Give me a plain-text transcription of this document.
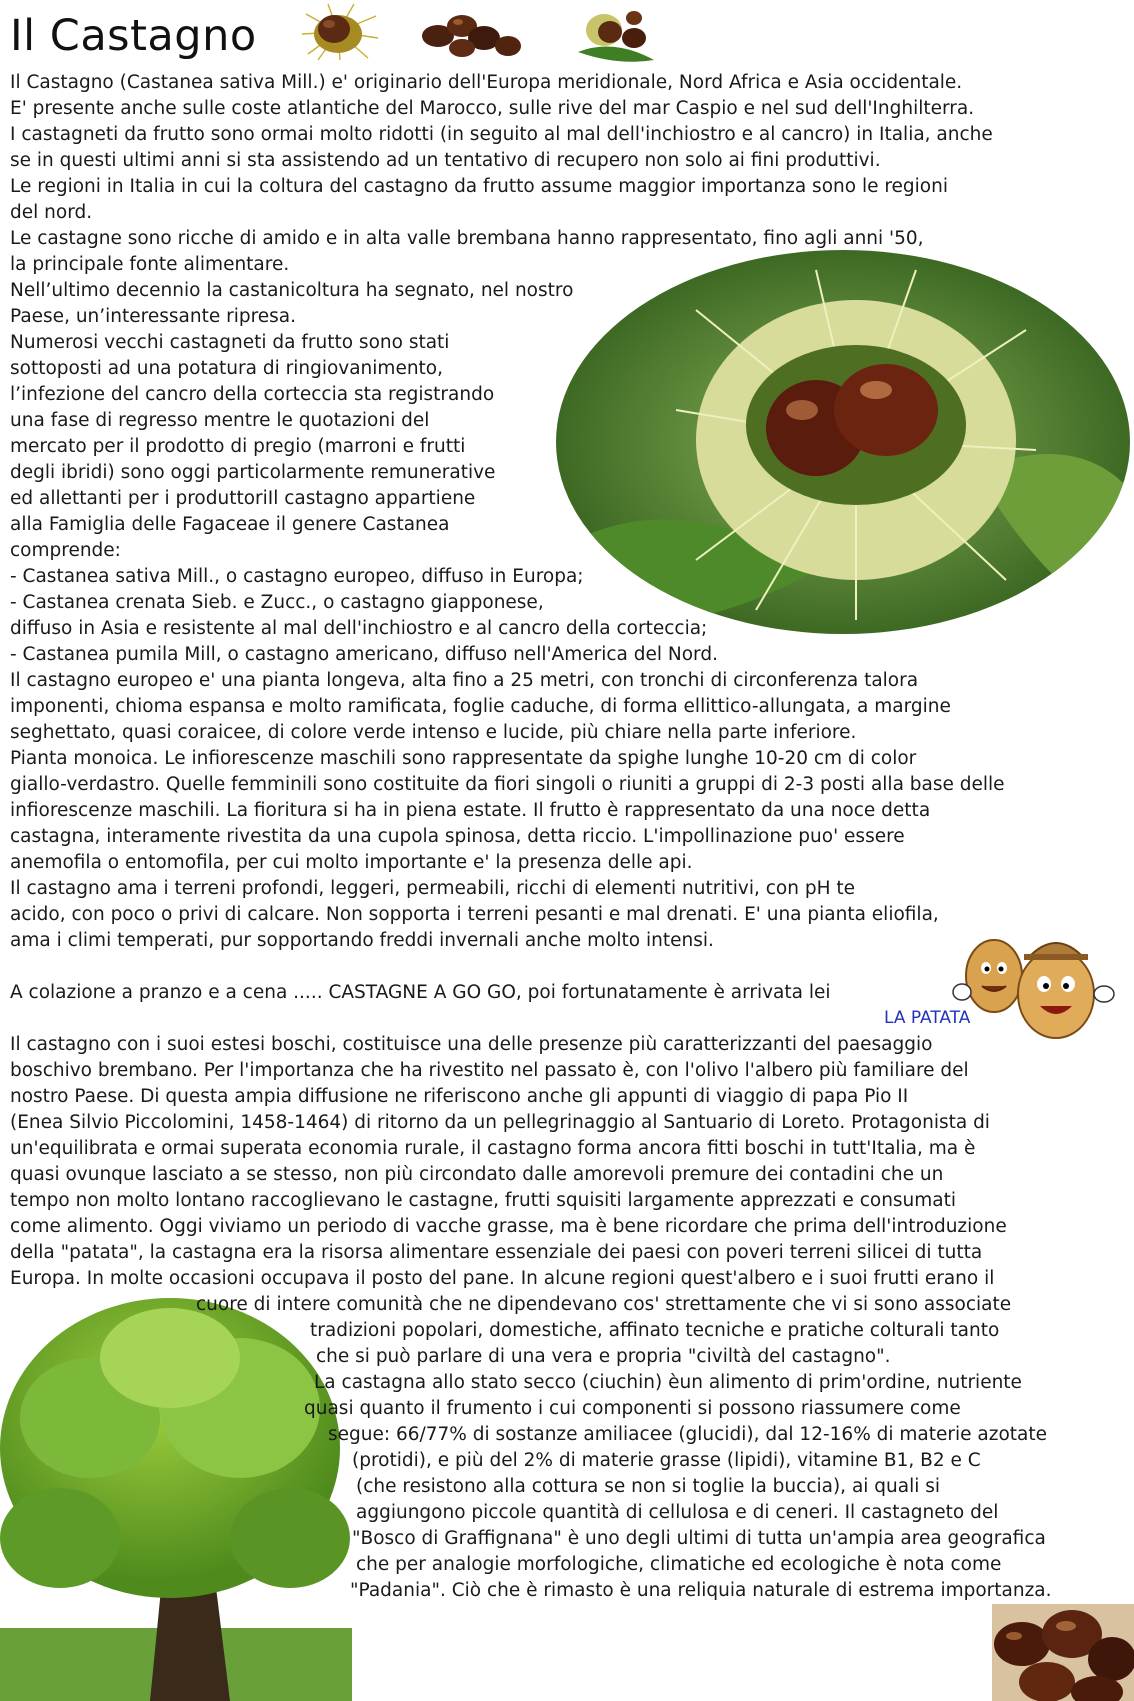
Il Castagno

Il Castagno (Castanea sativa Mill.) e' originario dell'Europa meridionale, Nord Africa e Asia occidentale.

E' presente anche sulle coste atlantiche del Marocco, sulle rive del mar Caspio e nel sud dell'Inghilterra.

I castagneti da frutto sono ormai molto ridotti (in seguito al mal dell'inchiostro e al cancro) in Italia, anche

se in questi ultimi anni si sta assistendo ad un tentativo di recupero non solo ai fini produttivi.

Le regioni in Italia in cui la coltura del castagno da frutto assume maggior importanza sono le regioni

del nord.

Le castagne sono ricche di amido e in alta valle brembana hanno rappresentato, fino agli anni '50,

la principale fonte alimentare.

Nell’ultimo decennio la castanicoltura ha segnato, nel nostro

Paese, un’interessante ripresa.

Numerosi vecchi castagneti da frutto sono stati

sottoposti ad una potatura di ringiovanimento,

l’infezione del cancro della corteccia sta registrando

una fase di regresso mentre le quotazioni del

mercato per il prodotto di pregio (marroni e frutti

degli ibridi) sono oggi particolarmente remunerative

ed allettanti per i produttoriIl castagno appartiene

alla Famiglia delle Fagaceae il genere Castanea

comprende:

- Castanea sativa Mill., o castagno europeo, diffuso in Europa;

- Castanea crenata Sieb. e Zucc., o castagno giapponese,

diffuso in Asia e resistente al mal dell'inchiostro e al cancro della corteccia;

- Castanea pumila Mill, o castagno americano, diffuso nell'America del Nord.

Il castagno europeo e' una pianta longeva, alta fino a 25 metri, con tronchi di circonferenza talora

imponenti, chioma espansa e molto ramificata, foglie caduche, di forma ellittico-allungata, a margine

seghettato, quasi coraicee, di colore verde intenso e lucide, più chiare nella parte inferiore.

Pianta monoica. Le infiorescenze maschili sono rappresentate da spighe lunghe 10-20 cm di color

giallo-verdastro. Quelle femminili sono costituite da fiori singoli o riuniti a gruppi di 2-3 posti alla base delle

infiorescenze maschili. La fioritura si ha in piena estate. Il frutto è rappresentato da una noce detta

castagna, interamente rivestita da una cupola spinosa, detta riccio. L'impollinazione puo' essere

anemofila o entomofila, per cui molto importante e' la presenza delle api.

Il castagno ama i terreni profondi, leggeri, permeabili, ricchi di elementi nutritivi, con pH te

acido, con poco o privi di calcare. Non sopporta i terreni pesanti e mal drenati. E' una pianta eliofila,

ama i climi temperati, pur sopportando freddi invernali anche molto intensi.

A colazione a pranzo e a cena ..... CASTAGNE A GO GO, poi fortunatamente è arrivata lei

LA PATATA

Il castagno con i suoi estesi boschi, costituisce una delle presenze più caratterizzanti del paesaggio

boschivo brembano. Per l'importanza che ha rivestito nel passato è, con l'olivo l'albero più familiare del

nostro Paese. Di questa ampia diffusione ne riferiscono anche gli appunti di viaggio di papa Pio II

(Enea Silvio Piccolomini, 1458-1464) di ritorno da un pellegrinaggio al Santuario di Loreto. Protagonista di

un'equilibrata e ormai superata economia rurale, il castagno forma ancora fitti boschi in tutt'Italia, ma è

quasi ovunque lasciato a se stesso, non più circondato dalle amorevoli premure dei contadini che un

tempo non molto lontano raccoglievano le castagne, frutti squisiti largamente apprezzati e consumati

come alimento. Oggi viviamo un periodo di vacche grasse, ma è bene ricordare che prima dell'introduzione

della "patata", la castagna era la risorsa alimentare essenziale dei paesi con poveri terreni silicei di tutta

Europa. In molte occasioni occupava il posto del pane. In alcune regioni quest'albero e i suoi frutti erano il

cuore di intere comunità che ne dipendevano cos' strettamente che vi si sono associate

tradizioni popolari, domestiche, affinato tecniche e pratiche colturali tanto

che si può parlare di una vera e propria "civiltà del castagno".

La castagna allo stato secco (ciuchin) èun alimento di prim'ordine, nutriente

quasi quanto il frumento i cui componenti si possono riassumere come

segue: 66/77% di sostanze amiliacee (glucidi), dal 12-16% di materie azotate

(protidi), e più del 2% di materie grasse (lipidi), vitamine B1, B2 e C

(che resistono alla cottura se non si toglie la buccia), ai quali si

aggiungono piccole quantità di cellulosa e di ceneri. Il castagneto del

"Bosco di Graffignana" è uno degli ultimi di tutta un'ampia area geografica

che per analogie morfologiche, climatiche ed ecologiche è nota come

"Padania". Ciò che è rimasto è una reliquia naturale di estrema importanza.
